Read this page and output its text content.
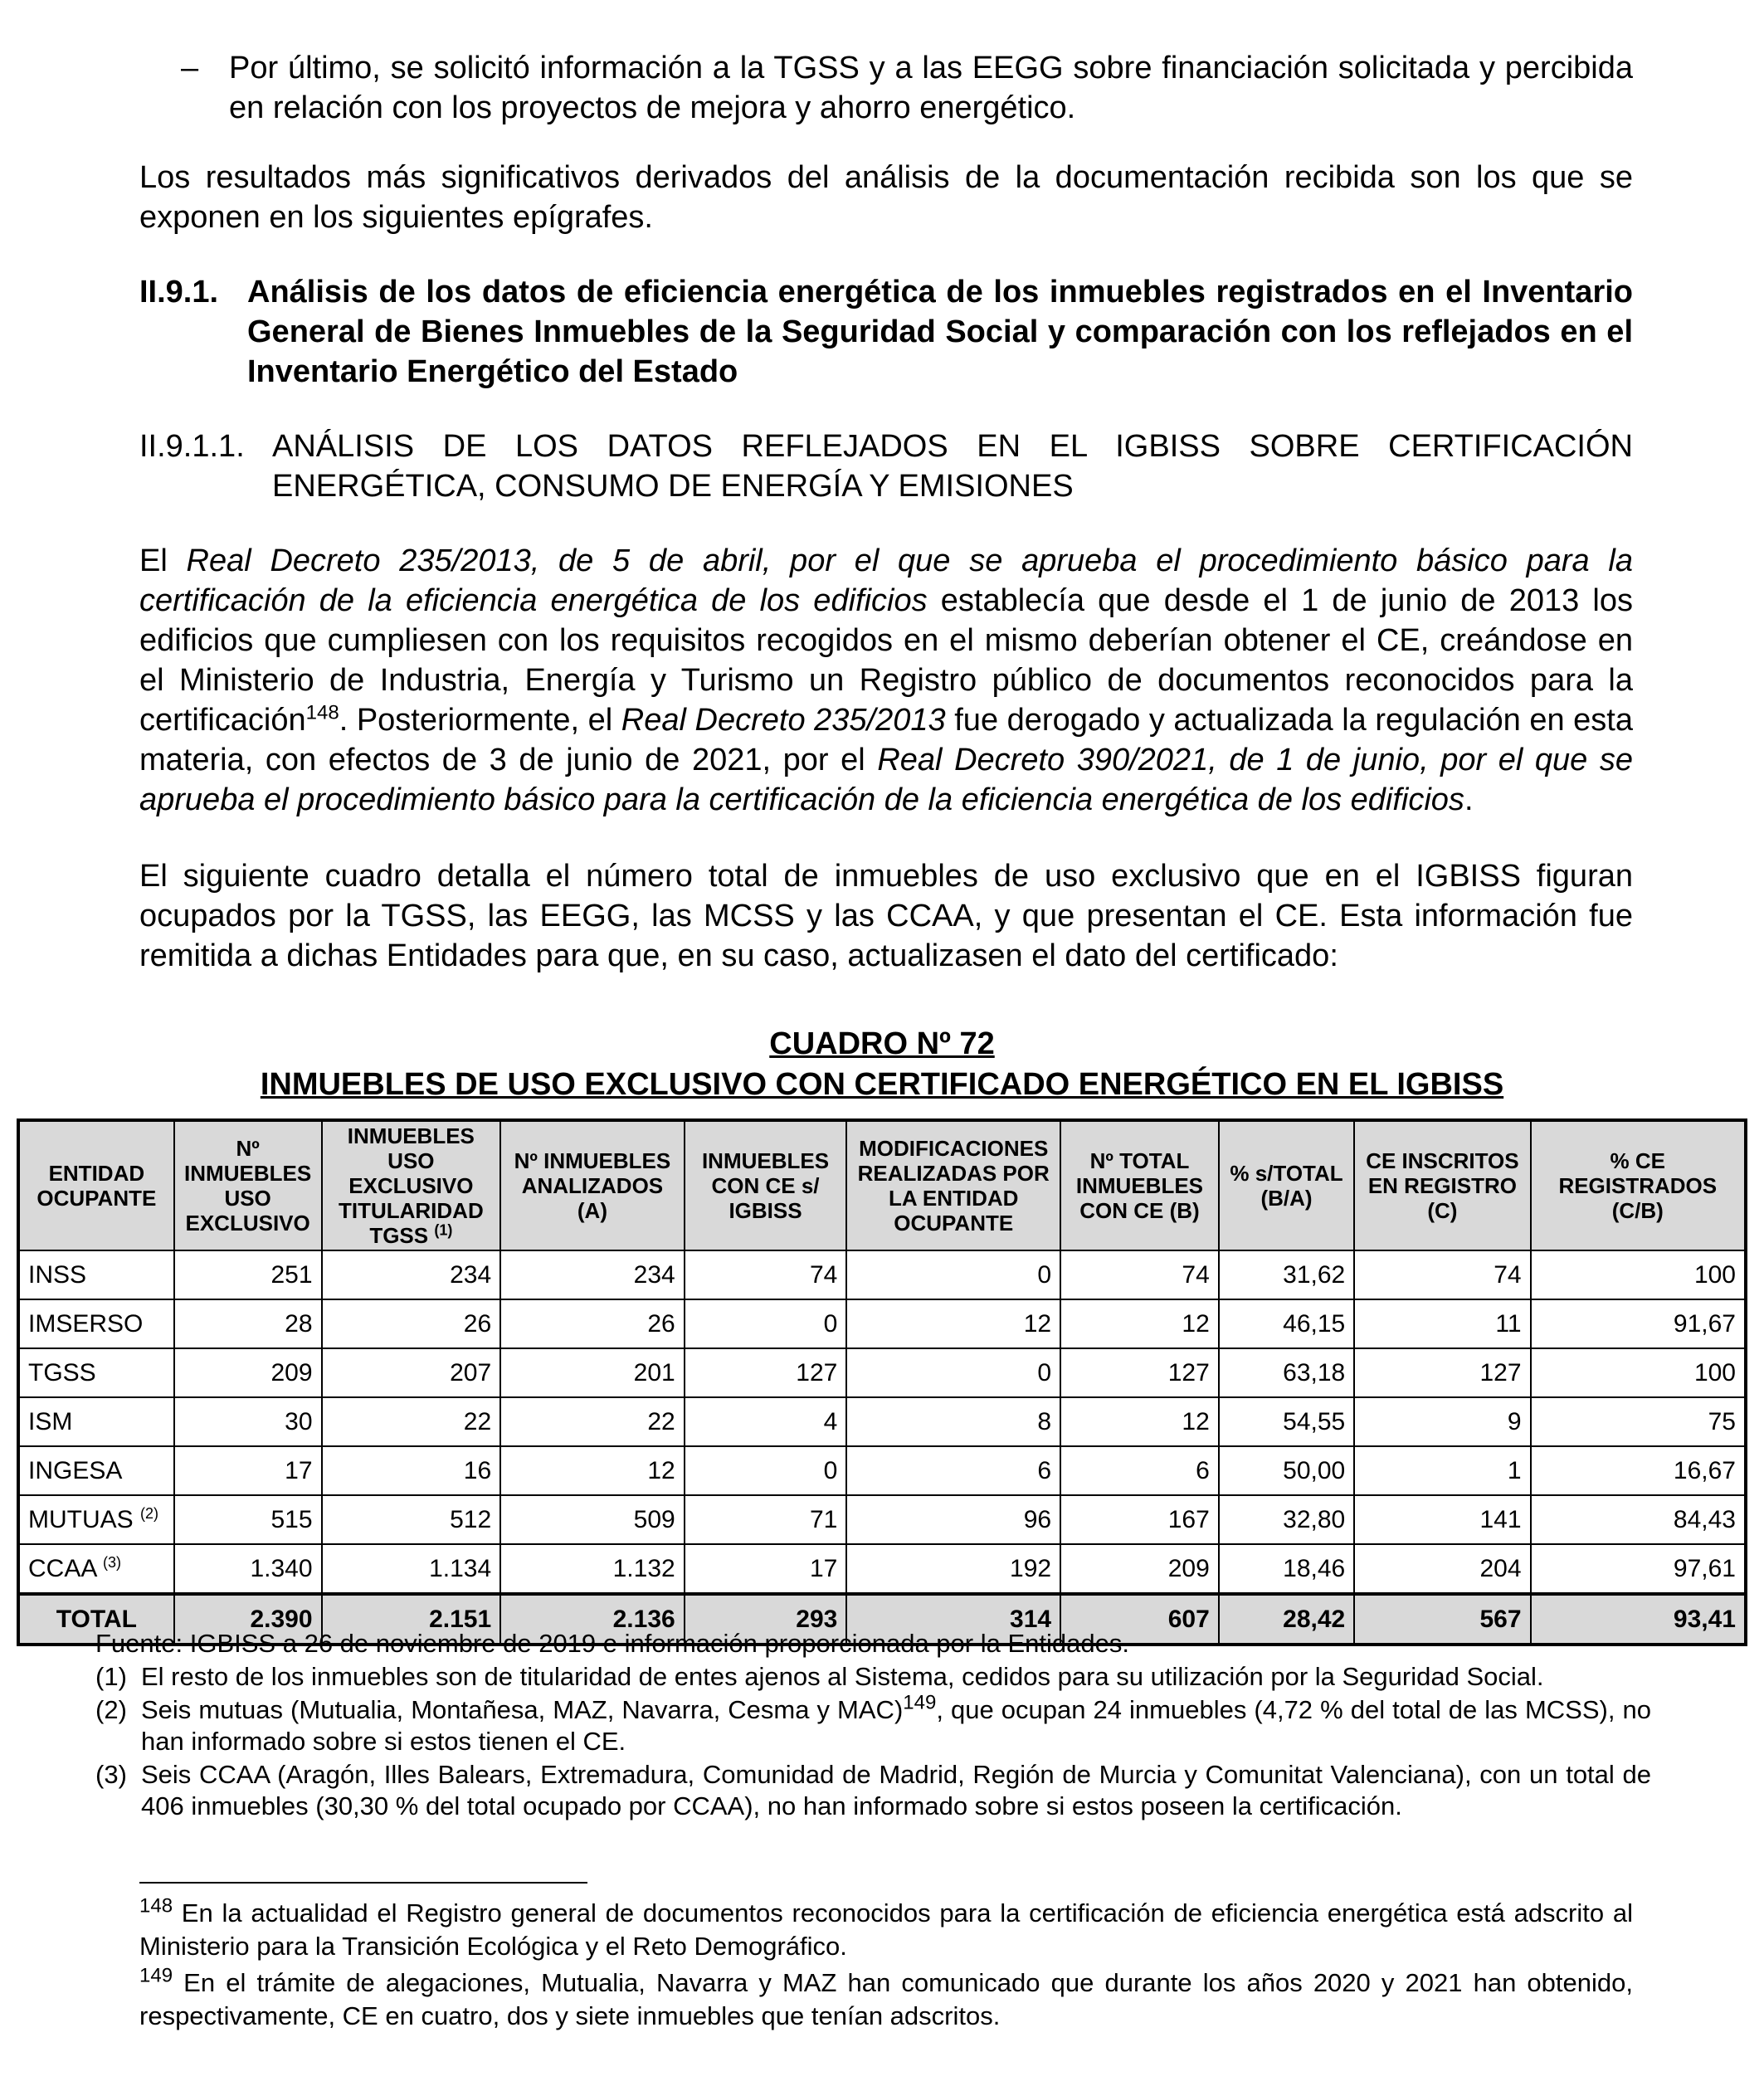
– Por último, se solicitó información a la TGSS y a las EEGG sobre financiación solicitada y percibida en relación con los proyectos de mejora y ahorro energético.
Los resultados más significativos derivados del análisis de la documentación recibida son los que se exponen en los siguientes epígrafes.
II.9.1. Análisis de los datos de eficiencia energética de los inmuebles registrados en el Inventario General de Bienes Inmuebles de la Seguridad Social y comparación con los reflejados en el Inventario Energético del Estado
II.9.1.1. ANÁLISIS DE LOS DATOS REFLEJADOS EN EL IGBISS SOBRE CERTIFICACIÓN ENERGÉTICA, CONSUMO DE ENERGÍA Y EMISIONES
El Real Decreto 235/2013, de 5 de abril, por el que se aprueba el procedimiento básico para la certificación de la eficiencia energética de los edificios establecía que desde el 1 de junio de 2013 los edificios que cumpliesen con los requisitos recogidos en el mismo deberían obtener el CE, creándose en el Ministerio de Industria, Energía y Turismo un Registro público de documentos reconocidos para la certificación$^{148}$. Posteriormente, el Real Decreto 235/2013 fue derogado y actualizada la regulación en esta materia, con efectos de 3 de junio de 2021, por el Real Decreto 390/2021, de 1 de junio, por el que se aprueba el procedimiento básico para la certificación de la eficiencia energética de los edificios.
El siguiente cuadro detalla el número total de inmuebles de uso exclusivo que en el IGBISS figuran ocupados por la TGSS, las EEGG, las MCSS y las CCAA, y que presentan el CE. Esta información fue remitida a dichas Entidades para que, en su caso, actualizasen el dato del certificado:
CUADRO Nº 72
INMUEBLES DE USO EXCLUSIVO CON CERTIFICADO ENERGÉTICO EN EL IGBISS
ENTIDAD OCUPANTE	Nº INMUEBLES USO EXCLUSIVO	INMUEBLES USO EXCLUSIVO TITULARIDAD TGSS $^{(1)}$	Nº INMUEBLES ANALIZADOS (A)	INMUEBLES CON CE s/ IGBISS	MODIFICACIONES REALIZADAS POR LA ENTIDAD OCUPANTE	Nº TOTAL INMUEBLES CON CE (B)	% s/TOTAL (B/A)	CE INSCRITOS EN REGISTRO (C)	% CE REGISTRADOS (C/B)
INSS	251	234	234	74	0	74	31,62	74	100
IMSERSO	28	26	26	0	12	12	46,15	11	91,67
TGSS	209	207	201	127	0	127	63,18	127	100
ISM	30	22	22	4	8	12	54,55	9	75
INGESA	17	16	12	0	6	6	50,00	1	16,67
MUTUAS $^{(2)}$	515	512	509	71	96	167	32,80	141	84,43
CCAA $^{(3)}$	1.340	1.134	1.132	17	192	209	18,46	204	97,61
TOTAL	2.390	2.151	2.136	293	314	607	28,42	567	93,41
Fuente: IGBISS a 26 de noviembre de 2019 e información proporcionada por la Entidades.
(1) El resto de los inmuebles son de titularidad de entes ajenos al Sistema, cedidos para su utilización por la Seguridad Social.
(2) Seis mutuas (Mutualia, Montañesa, MAZ, Navarra, Cesma y MAC)$^{149}$, que ocupan 24 inmuebles (4,72 % del total de las MCSS), no han informado sobre si estos tienen el CE.
(3) Seis CCAA (Aragón, Illes Balears, Extremadura, Comunidad de Madrid, Región de Murcia y Comunitat Valenciana), con un total de 406 inmuebles (30,30 % del total ocupado por CCAA), no han informado sobre si estos poseen la certificación.
$^{148}$ En la actualidad el Registro general de documentos reconocidos para la certificación de eficiencia energética está adscrito al Ministerio para la Transición Ecológica y el Reto Demográfico.
$^{149}$ En el trámite de alegaciones, Mutualia, Navarra y MAZ han comunicado que durante los años 2020 y 2021 han obtenido, respectivamente, CE en cuatro, dos y siete inmuebles que tenían adscritos.
